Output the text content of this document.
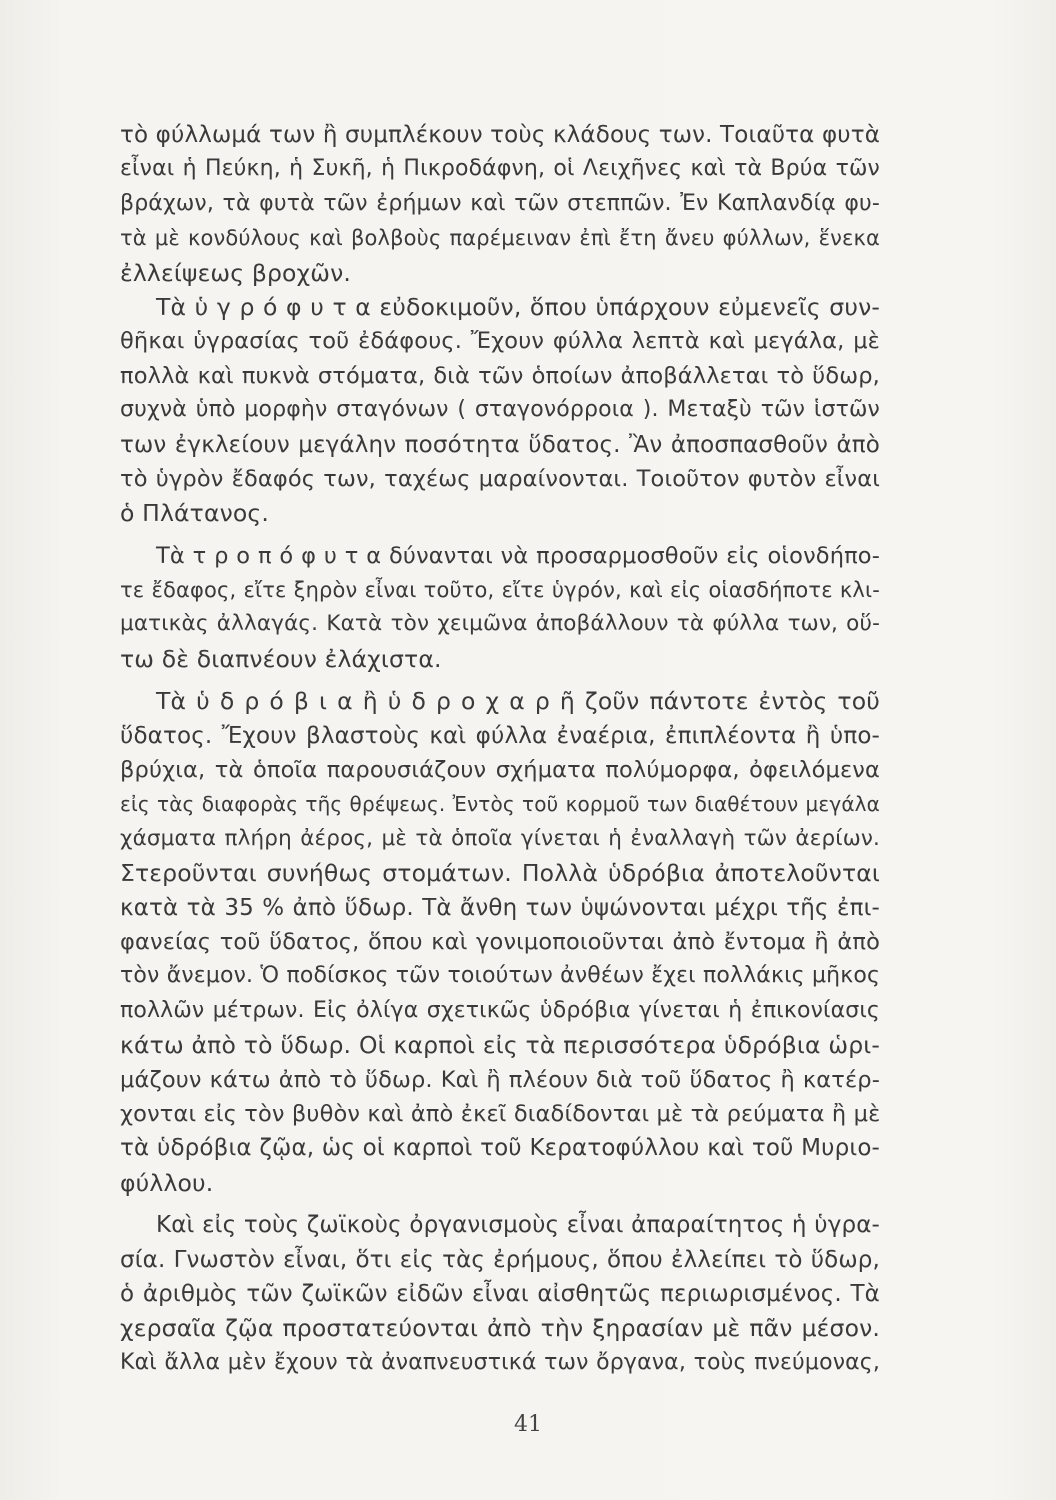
τὸ φύλλωμά των ἢ συμπλέκουν τοὺς κλάδους των. Τοιαῦτα φυτὰ
εἶναι ἡ Πεύκη, ἡ Συκῆ, ἡ Πικροδάφνη, οἱ Λειχῆνες καὶ τὰ Βρύα τῶν
βράχων, τὰ φυτὰ τῶν ἐρήμων καὶ τῶν στεππῶν. Ἐν Καπλανδίᾳ φυ-
τὰ μὲ κονδύλους καὶ βολβοὺς παρέμειναν ἐπὶ ἔτη ἄνευ φύλλων, ἕνεκα
ἐλλείψεως βροχῶν.
Τὰ ὑ γ ρ ό φ υ τ α εὐδοκιμοῦν, ὅπου ὑπάρχουν εὐμενεῖς συν-
θῆκαι ὑγρασίας τοῦ ἐδάφους. Ἔχουν φύλλα λεπτὰ καὶ μεγάλα, μὲ
πολλὰ καὶ πυκνὰ στόματα, διὰ τῶν ὁποίων ἀποβάλλεται τὸ ὕδωρ,
συχνὰ ὑπὸ μορφὴν σταγόνων ( σταγονόρροια ). Μεταξὺ τῶν ἱστῶν
των ἐγκλείουν μεγάλην ποσότητα ὕδατος. Ἂν ἀποσπασθοῦν ἀπὸ
τὸ ὑγρὸν ἔδαφός των, ταχέως μαραίνονται. Τοιοῦτον φυτὸν εἶναι
ὁ Πλάτανος.
Τὰ τ ρ ο π ό φ υ τ α δύνανται νὰ προσαρμοσθοῦν εἰς οἱονδήπο-
τε ἔδαφος, εἴτε ξηρὸν εἶναι τοῦτο, εἴτε ὑγρόν, καὶ εἰς οἱασδήποτε κλι-
ματικὰς ἀλλαγάς. Κατὰ τὸν χειμῶνα ἀποβάλλουν τὰ φύλλα των, οὕ-
τω δὲ διαπνέουν ἐλάχιστα.
Τὰ ὑ δ ρ ό β ι α ἢ ὑ δ ρ ο χ α ρ ῆ ζοῦν πάντοτε ἐντὸς τοῦ
ὕδατος. Ἔχουν βλαστοὺς καὶ φύλλα ἐναέρια, ἐπιπλέοντα ἢ ὑπο-
βρύχια, τὰ ὁποῖα παρουσιάζουν σχήματα πολύμορφα, ὀφειλόμενα
εἰς τὰς διαφορὰς τῆς θρέψεως. Ἐντὸς τοῦ κορμοῦ των διαθέτουν μεγάλα
χάσματα πλήρη ἀέρος, μὲ τὰ ὁποῖα γίνεται ἡ ἐναλλαγὴ τῶν ἀερίων.
Στεροῦνται συνήθως στομάτων. Πολλὰ ὑδρόβια ἀποτελοῦνται
κατὰ τὰ 35 % ἀπὸ ὕδωρ. Τὰ ἄνθη των ὑψώνονται μέχρι τῆς ἐπι-
φανείας τοῦ ὕδατος, ὅπου καὶ γονιμοποιοῦνται ἀπὸ ἔντομα ἢ ἀπὸ
τὸν ἄνεμον. Ὁ ποδίσκος τῶν τοιούτων ἀνθέων ἔχει πολλάκις μῆκος
πολλῶν μέτρων. Εἰς ὀλίγα σχετικῶς ὑδρόβια γίνεται ἡ ἐπικονίασις
κάτω ἀπὸ τὸ ὕδωρ. Οἱ καρποὶ εἰς τὰ περισσότερα ὑδρόβια ὡρι-
μάζουν κάτω ἀπὸ τὸ ὕδωρ. Καὶ ἢ πλέουν διὰ τοῦ ὕδατος ἢ κατέρ-
χονται εἰς τὸν βυθὸν καὶ ἀπὸ ἐκεῖ διαδίδονται μὲ τὰ ρεύματα ἢ μὲ
τὰ ὑδρόβια ζῷα, ὡς οἱ καρποὶ τοῦ Κερατοφύλλου καὶ τοῦ Μυριο-
φύλλου.
Καὶ εἰς τοὺς ζωϊκοὺς ὀργανισμοὺς εἶναι ἀπαραίτητος ἡ ὑγρα-
σία. Γνωστὸν εἶναι, ὅτι εἰς τὰς ἐρήμους, ὅπου ἐλλείπει τὸ ὕδωρ,
ὁ ἀριθμὸς τῶν ζωϊκῶν εἰδῶν εἶναι αἰσθητῶς περιωρισμένος. Τὰ
χερσαῖα ζῷα προστατεύονται ἀπὸ τὴν ξηρασίαν μὲ πᾶν μέσον.
Καὶ ἄλλα μὲν ἔχουν τὰ ἀναπνευστικά των ὄργανα, τοὺς πνεύμονας,
41
